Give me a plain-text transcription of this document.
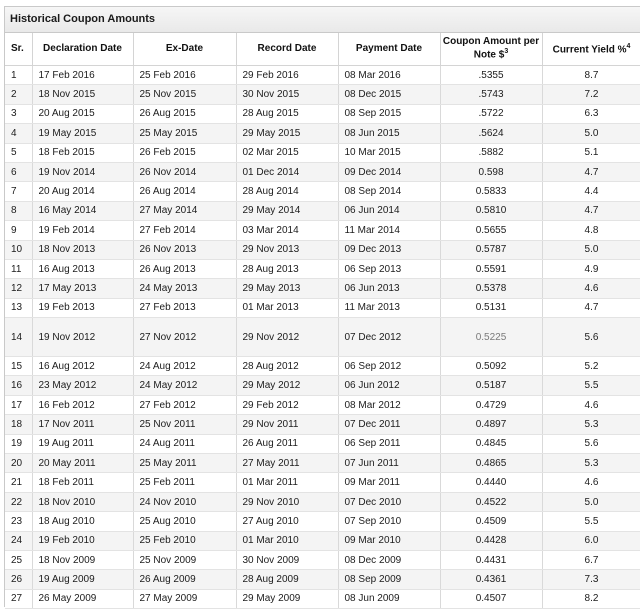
Historical Coupon Amounts
Sr.	Declaration Date	Ex-Date	Record Date	Payment Date	Coupon Amount per Note \$$^3$	Current Yield %$^4$
1	17 Feb 2016	25 Feb 2016	29 Feb 2016	08 Mar 2016	.5355	8.7
2	18 Nov 2015	25 Nov 2015	30 Nov 2015	08 Dec 2015	.5743	7.2
3	20 Aug 2015	26 Aug 2015	28 Aug 2015	08 Sep 2015	.5722	6.3
4	19 May 2015	25 May 2015	29 May 2015	08 Jun 2015	.5624	5.0
5	18 Feb 2015	26 Feb 2015	02 Mar 2015	10 Mar 2015	.5882	5.1
6	19 Nov 2014	26 Nov 2014	01 Dec 2014	09 Dec 2014	0.598	4.7
7	20 Aug 2014	26 Aug 2014	28 Aug 2014	08 Sep 2014	0.5833	4.4
8	16 May 2014	27 May 2014	29 May 2014	06 Jun 2014	0.5810	4.7
9	19 Feb 2014	27 Feb 2014	03 Mar 2014	11 Mar 2014	0.5655	4.8
10	18 Nov 2013	26 Nov 2013	29 Nov 2013	09 Dec 2013	0.5787	5.0
11	16 Aug 2013	26 Aug 2013	28 Aug 2013	06 Sep 2013	0.5591	4.9
12	17 May 2013	24 May 2013	29 May 2013	06 Jun 2013	0.5378	4.6
13	19 Feb 2013	27 Feb 2013	01 Mar 2013	11 Mar 2013	0.5131	4.7
14	19 Nov 2012	27 Nov 2012	29 Nov 2012	07 Dec 2012	0.5225	5.6
15	16 Aug 2012	24 Aug 2012	28 Aug 2012	06 Sep 2012	0.5092	5.2
16	23 May 2012	24 May 2012	29 May 2012	06 Jun 2012	0.5187	5.5
17	16 Feb 2012	27 Feb 2012	29 Feb 2012	08 Mar 2012	0.4729	4.6
18	17 Nov 2011	25 Nov 2011	29 Nov 2011	07 Dec 2011	0.4897	5.3
19	19 Aug 2011	24 Aug 2011	26 Aug 2011	06 Sep 2011	0.4845	5.6
20	20 May 2011	25 May 2011	27 May 2011	07 Jun 2011	0.4865	5.3
21	18 Feb 2011	25 Feb 2011	01 Mar 2011	09 Mar 2011	0.4440	4.6
22	18 Nov 2010	24 Nov 2010	29 Nov 2010	07 Dec 2010	0.4522	5.0
23	18 Aug 2010	25 Aug 2010	27 Aug 2010	07 Sep 2010	0.4509	5.5
24	19 Feb 2010	25 Feb 2010	01 Mar 2010	09 Mar 2010	0.4428	6.0
25	18 Nov 2009	25 Nov 2009	30 Nov 2009	08 Dec 2009	0.4431	6.7
26	19 Aug 2009	26 Aug 2009	28 Aug 2009	08 Sep 2009	0.4361	7.3
27	26 May 2009	27 May 2009	29 May 2009	08 Jun 2009	0.4507	8.2
